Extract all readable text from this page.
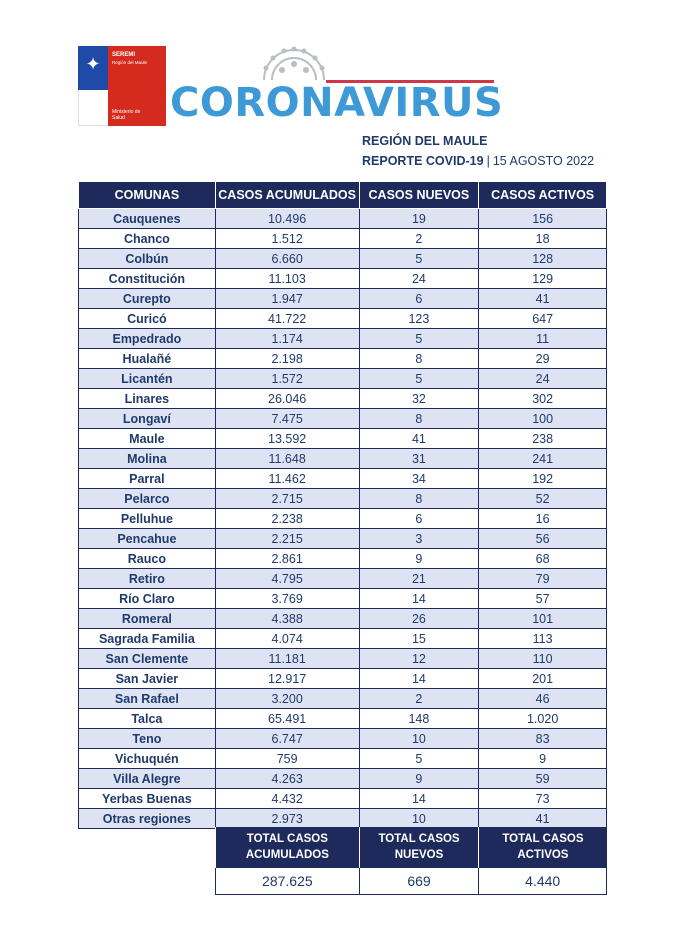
✦	SEREMI
Región del Maule
Ministerio de
Salud	CORONAVIRUS
REGIÓN DEL MAULE
REPORTE COVID-19 | 15 AGOSTO 2022
COMUNAS	CASOS ACUMULADOS	CASOS NUEVOS	CASOS ACTIVOS
Cauquenes	10.496	19	156
Chanco	1.512	2	18
Colbún	6.660	5	128
Constitución	11.103	24	129
Curepto	1.947	6	41
Curicó	41.722	123	647
Empedrado	1.174	5	11
Hualañé	2.198	8	29
Licantén	1.572	5	24
Linares	26.046	32	302
Longaví	7.475	8	100
Maule	13.592	41	238
Molina	11.648	31	241
Parral	11.462	34	192
Pelarco	2.715	8	52
Pelluhue	2.238	6	16
Pencahue	2.215	3	56
Rauco	2.861	9	68
Retiro	4.795	21	79
Río Claro	3.769	14	57
Romeral	4.388	26	101
Sagrada Familia	4.074	15	113
San Clemente	11.181	12	110
San Javier	12.917	14	201
San Rafael	3.200	2	46
Talca	65.491	148	1.020
Teno	6.747	10	83
Vichuquén	759	5	9
Villa Alegre	4.263	9	59
Yerbas Buenas	4.432	14	73
Otras regiones	2.973	10	41
TOTAL CASOS
ACUMULADOS	TOTAL CASOS
NUEVOS	TOTAL CASOS
ACTIVOS
287.625	669	4.440
